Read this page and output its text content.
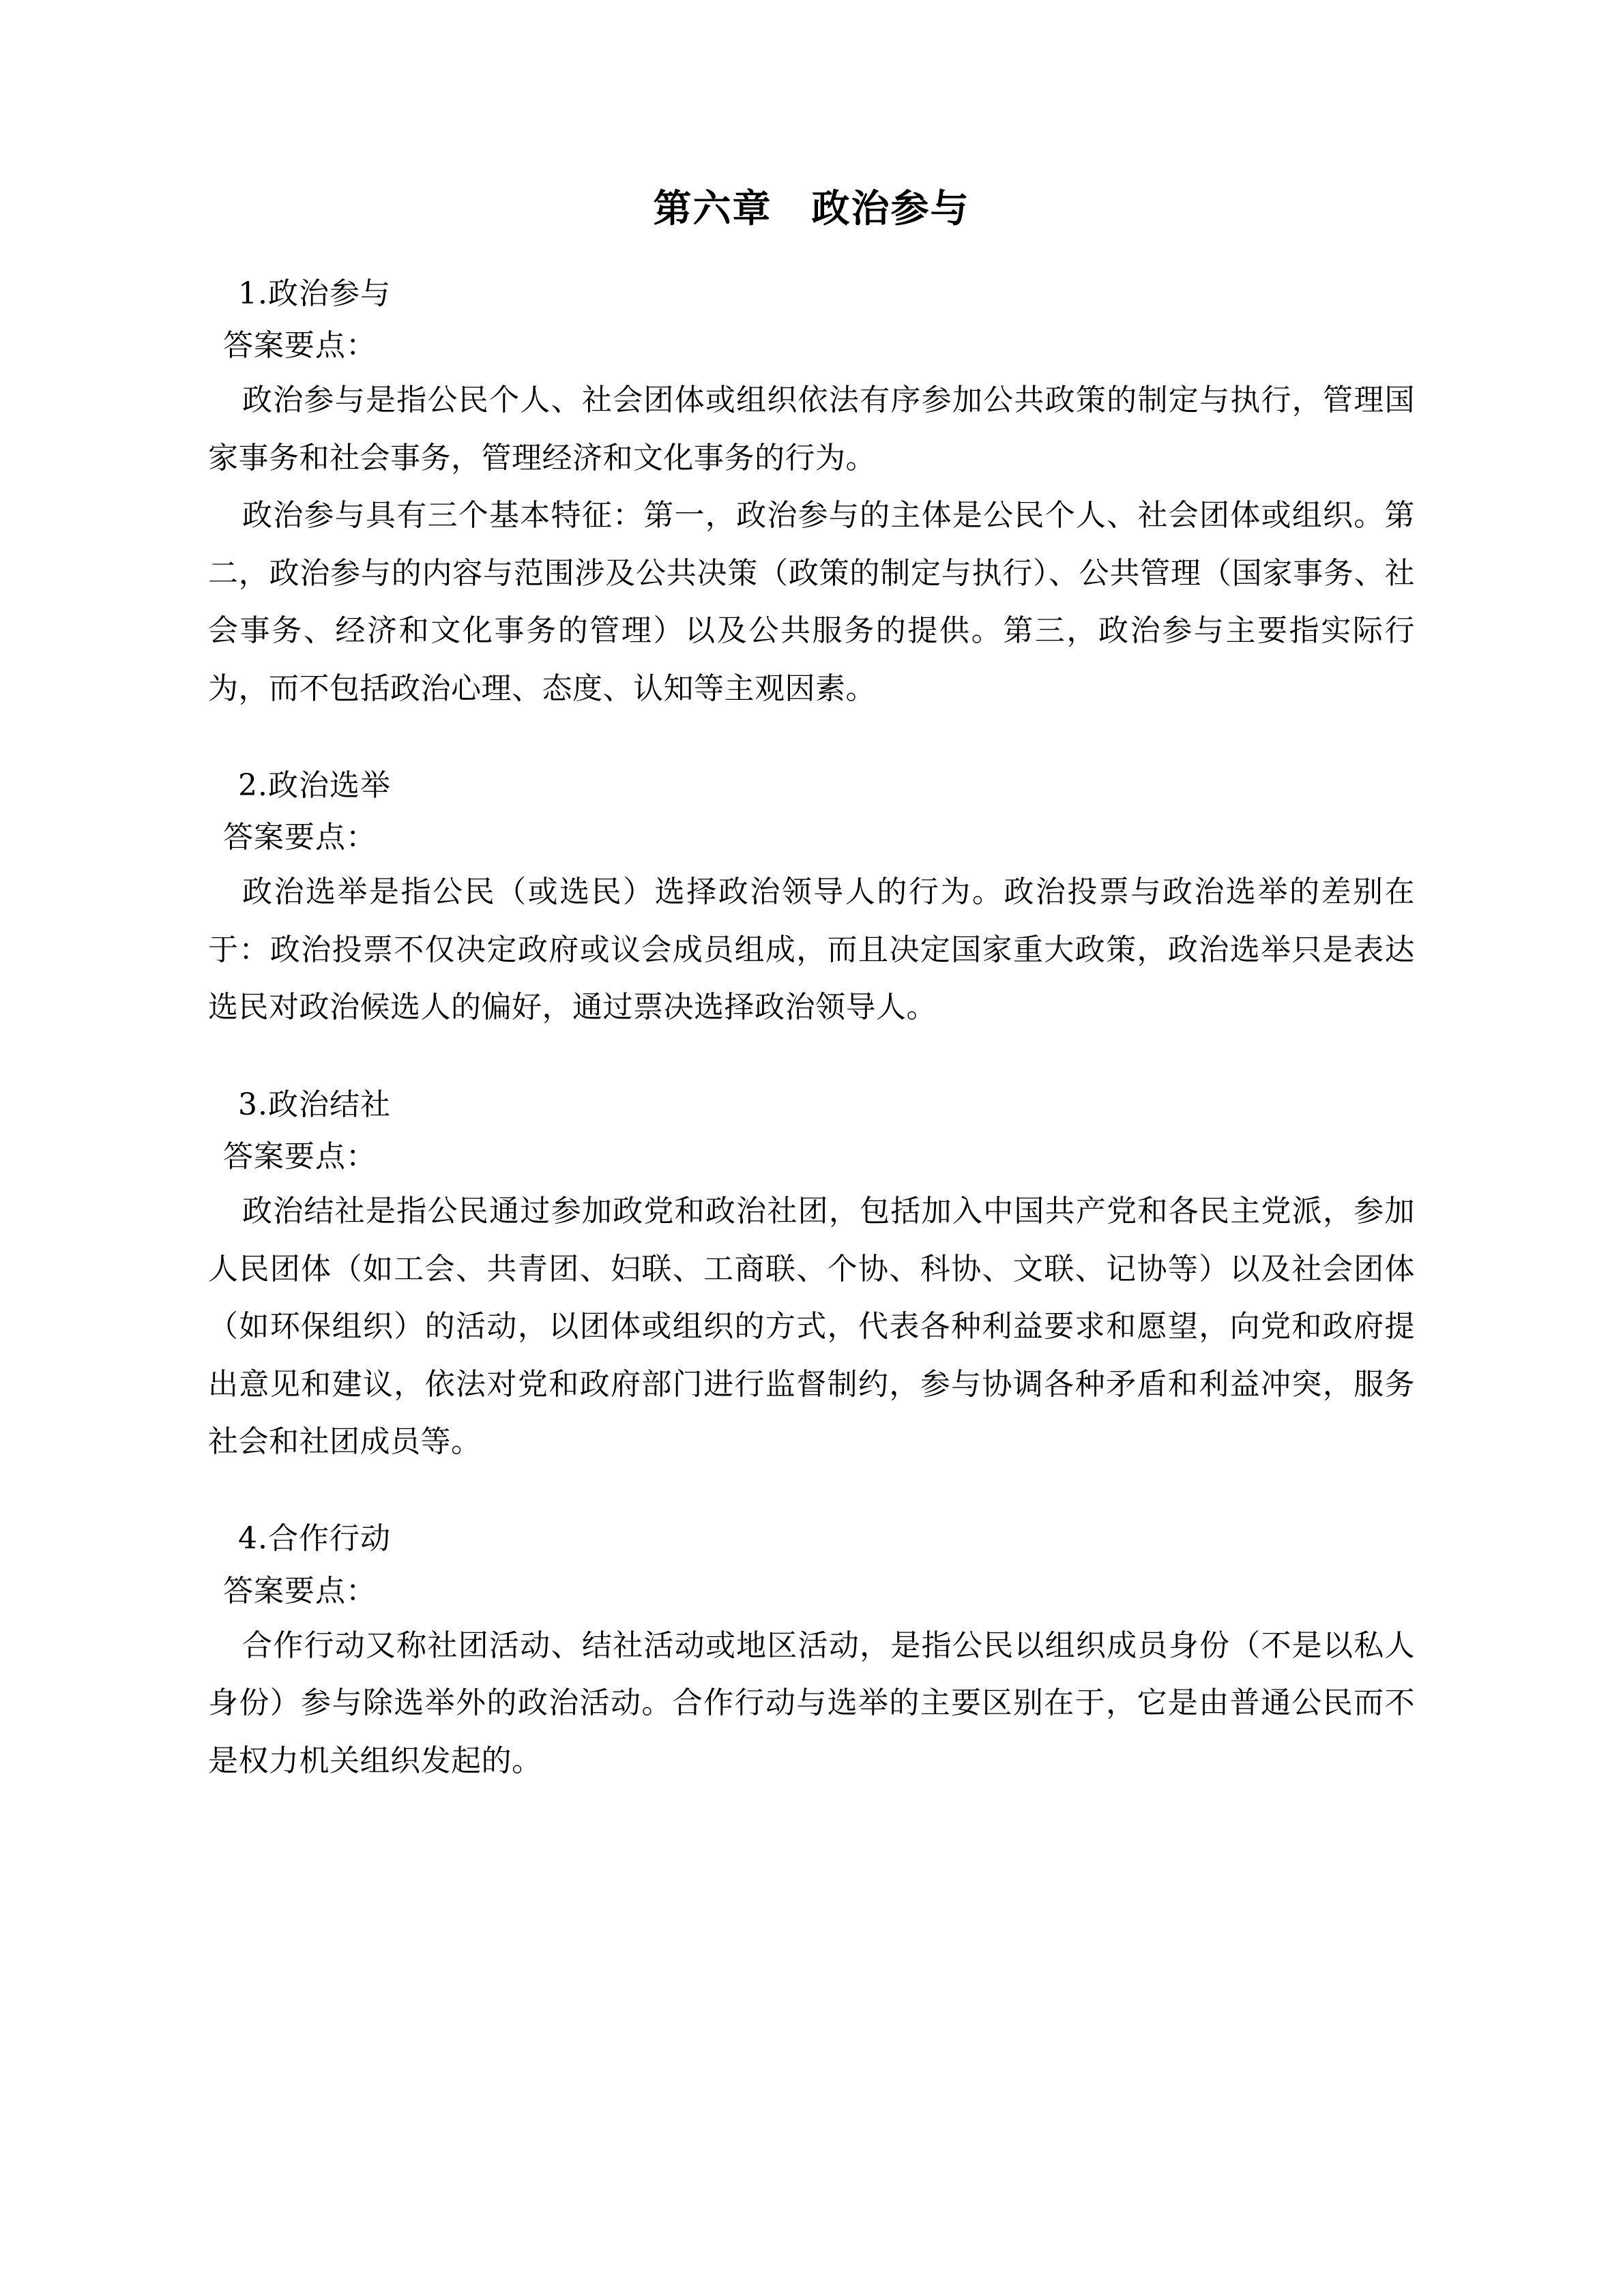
第六章　政治参与

1.政治参与

答案要点：

政治参与是指公民个人、社会团体或组织依法有序参加公共政策的制定与执行，管理国家事务和社会事务，管理经济和文化事务的行为。

政治参与具有三个基本特征：第一，政治参与的主体是公民个人、社会团体或组织。第二，政治参与的内容与范围涉及公共决策（政策的制定与执行）、公共管理（国家事务、社会事务、经济和文化事务的管理）以及公共服务的提供。第三，政治参与主要指实际行为，而不包括政治心理、态度、认知等主观因素。

2.政治选举

答案要点：

政治选举是指公民（或选民）选择政治领导人的行为。政治投票与政治选举的差别在于：政治投票不仅决定政府或议会成员组成，而且决定国家重大政策，政治选举只是表达选民对政治候选人的偏好，通过票决选择政治领导人。

3.政治结社

答案要点：

政治结社是指公民通过参加政党和政治社团，包括加入中国共产党和各民主党派，参加人民团体（如工会、共青团、妇联、工商联、个协、科协、文联、记协等）以及社会团体（如环保组织）的活动，以团体或组织的方式，代表各种利益要求和愿望，向党和政府提出意见和建议，依法对党和政府部门进行监督制约，参与协调各种矛盾和利益冲突，服务社会和社团成员等。

4.合作行动

答案要点：

合作行动又称社团活动、结社活动或地区活动，是指公民以组织成员身份（不是以私人身份）参与除选举外的政治活动。合作行动与选举的主要区别在于，它是由普通公民而不是权力机关组织发起的。
